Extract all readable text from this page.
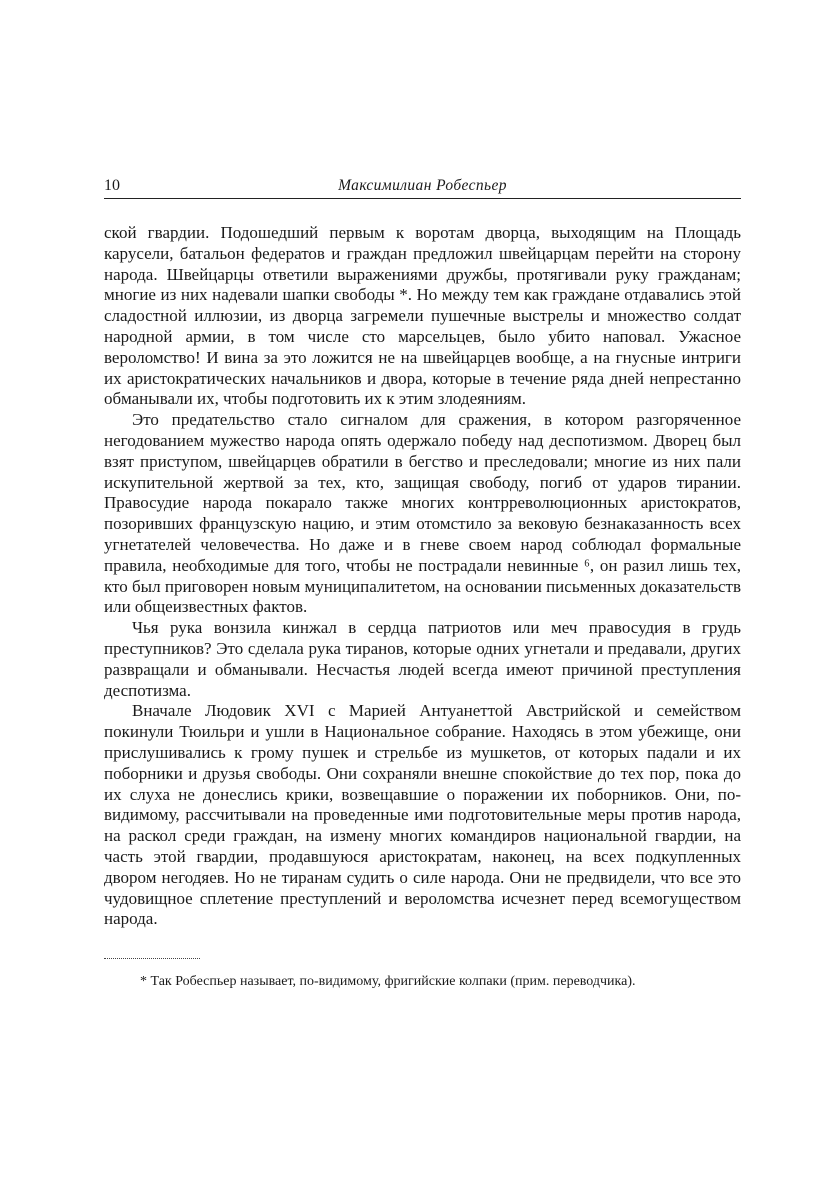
10	Максимилиан Робеспьер

ской гвардии. Подошедший первым к воротам дворца, выходящим на Площадь карусели, батальон федератов и граждан предложил швейцарцам перейти на сторону народа. Швейцарцы ответили выражениями дружбы, протягивали руку гражданам; многие из них надевали шапки свободы *. Но между тем как граждане отдавались этой сладостной иллюзии, из дворца загремели пушечные выстрелы и множество солдат народной армии, в том числе сто марсельцев, было убито наповал. Ужасное вероломство! И вина за это ложится не на швейцарцев вообще, а на гнусные интриги их аристократических начальников и двора, которые в течение ряда дней непрестанно обманывали их, чтобы подготовить их к этим злодеяниям.

Это предательство стало сигналом для сражения, в котором разгоряченное негодованием мужество народа опять одержало победу над деспотизмом. Дворец был взят приступом, швейцарцев обратили в бегство и преследовали; многие из них пали искупительной жертвой за тех, кто, защищая свободу, погиб от ударов тирании. Правосудие народа покарало также многих контрреволюционных аристократов, позоривших французскую нацию, и этим отомстило за вековую безнаказанность всех угнетателей человечества. Но даже и в гневе своем народ соблюдал формальные правила, необходимые для того, чтобы не пострадали невинные ⁶, он разил лишь тех, кто был приговорен новым муниципалитетом, на основании письменных доказательств или общеизвестных фактов.

Чья рука вонзила кинжал в сердца патриотов или меч правосудия в грудь преступников? Это сделала рука тиранов, которые одних угнетали и предавали, других развращали и обманывали. Несчастья людей всегда имеют причиной преступления деспотизма.

Вначале Людовик XVI с Марией Антуанеттой Австрийской и семейством покинули Тюильри и ушли в Национальное собрание. Находясь в этом убежище, они прислушивались к грому пушек и стрельбе из мушкетов, от которых падали и их поборники и друзья свободы. Они сохраняли внешне спокойствие до тех пор, пока до их слуха не донеслись крики, возвещавшие о поражении их поборников. Они, по-видимому, рассчитывали на проведенные ими подготовительные меры против народа, на раскол среди граждан, на измену многих командиров национальной гвардии, на часть этой гвардии, продавшуюся аристократам, наконец, на всех подкупленных двором негодяев. Но не тиранам судить о силе народа. Они не предвидели, что все это чудовищное сплетение преступлений и вероломства исчезнет перед всемогуществом народа.

* Так Робеспьер называет, по-видимому, фригийские колпаки (прим. переводчика).
